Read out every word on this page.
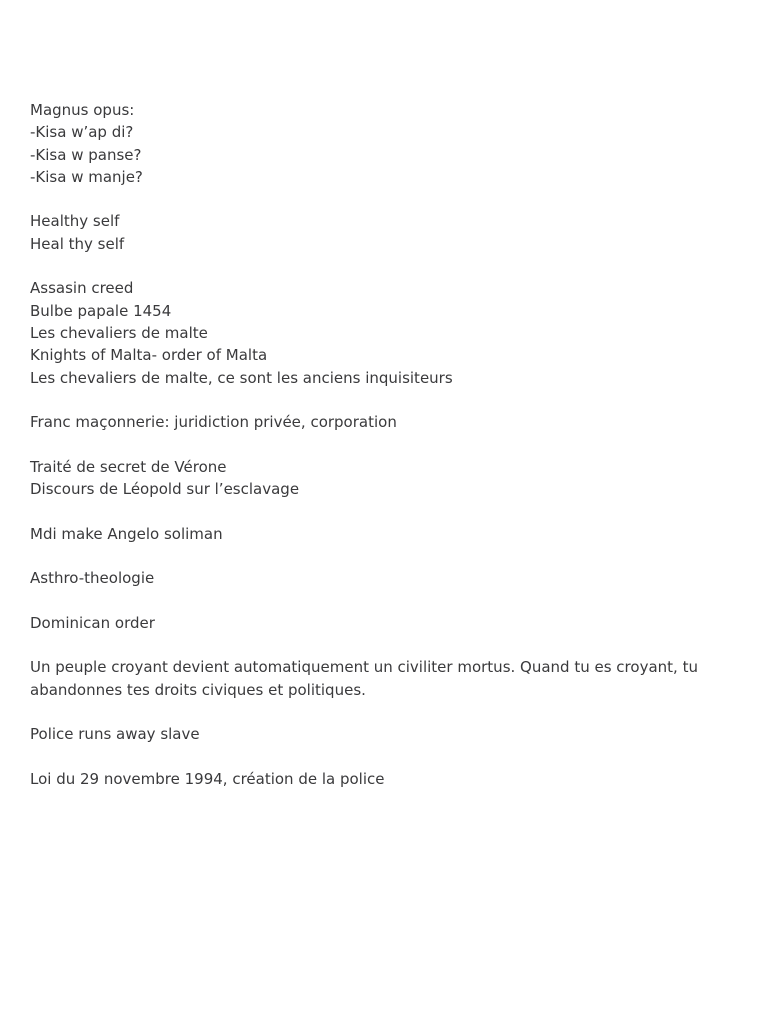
Magnus opus:
-Kisa w’ap di?
-Kisa w panse?
-Kisa w manje?
Healthy self
Heal thy self
Assasin creed
Bulbe papale 1454
Les chevaliers de malte
Knights of Malta- order of Malta
Les chevaliers de malte, ce sont les anciens inquisiteurs
Franc maçonnerie: juridiction privée, corporation
Traité de secret de Vérone
Discours de Léopold sur l’esclavage
Mdi make Angelo soliman
Asthro-theologie
Dominican order
Un peuple croyant devient automatiquement un civiliter mortus. Quand tu es croyant, tu abandonnes tes droits civiques et politiques.
Police runs away slave
Loi du 29 novembre 1994, création de la police
